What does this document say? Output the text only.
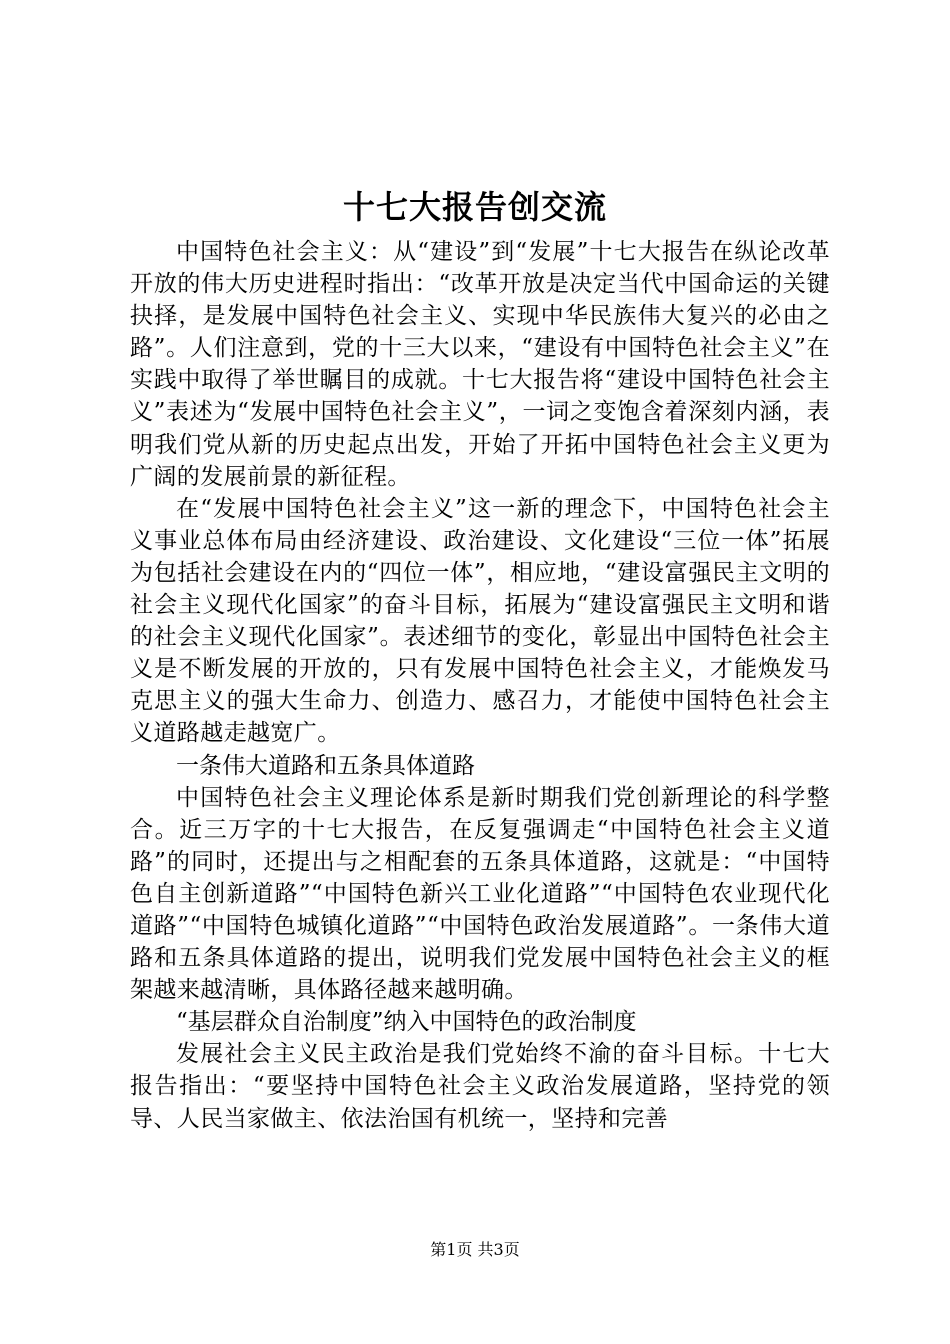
十七大报告创交流

中国特色社会主义：从“建设”到“发展”十七大报告在纵论改革开放的伟大历史进程时指出：“改革开放是决定当代中国命运的关键抉择，是发展中国特色社会主义、实现中华民族伟大复兴的必由之路”。人们注意到，党的十三大以来，“建设有中国特色社会主义”在实践中取得了举世瞩目的成就。十七大报告将“建设中国特色社会主义”表述为“发展中国特色社会主义”，一词之变饱含着深刻内涵，表明我们党从新的历史起点出发，开始了开拓中国特色社会主义更为广阔的发展前景的新征程。

在“发展中国特色社会主义”这一新的理念下，中国特色社会主义事业总体布局由经济建设、政治建设、文化建设“三位一体”拓展为包括社会建设在内的“四位一体”，相应地，“建设富强民主文明的社会主义现代化国家”的奋斗目标，拓展为“建设富强民主文明和谐的社会主义现代化国家”。表述细节的变化，彰显出中国特色社会主义是不断发展的开放的，只有发展中国特色社会主义，才能焕发马克思主义的强大生命力、创造力、感召力，才能使中国特色社会主义道路越走越宽广。

一条伟大道路和五条具体道路

中国特色社会主义理论体系是新时期我们党创新理论的科学整合。近三万字的十七大报告，在反复强调走“中国特色社会主义道路”的同时，还提出与之相配套的五条具体道路，这就是：“中国特色自主创新道路”“中国特色新兴工业化道路”“中国特色农业现代化道路”“中国特色城镇化道路”“中国特色政治发展道路”。一条伟大道路和五条具体道路的提出，说明我们党发展中国特色社会主义的框架越来越清晰，具体路径越来越明确。

“基层群众自治制度”纳入中国特色的政治制度

发展社会主义民主政治是我们党始终不渝的奋斗目标。十七大报告指出：“要坚持中国特色社会主义政治发展道路，坚持党的领导、人民当家做主、依法治国有机统一，坚持和完善

第1页 共3页
